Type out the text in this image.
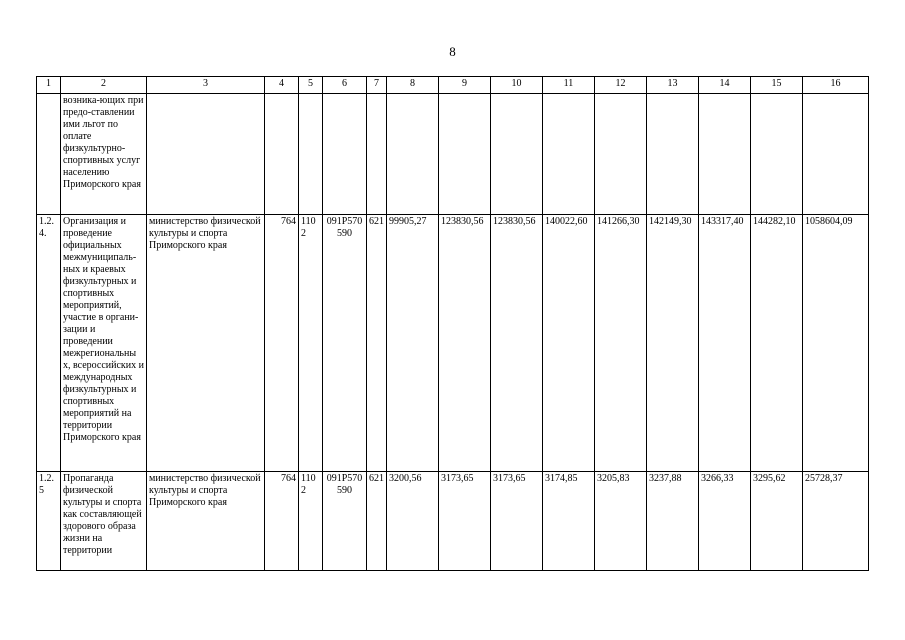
8
1	2	3	4	5	6	7	8	9	10	11	12	13	14	15	16
	возника-ющих при предо-ставлении ими льгот по оплате физкультурно-спортивных услуг населению Приморского края														
1.2.4.	Организация и проведение официальных межмуниципаль-ных и краевых физкультурных и спортивных мероприятий, участие в органи-зации и проведении межрегиональны х, всероссийских и международных физкультурных и спортивных мероприятий на территории Приморского края	министерство физической культуры и спорта Приморского края	764	1102	091Р570 590	621	99905,27	123830,56	123830,56	140022,60	141266,30	142149,30	143317,40	144282,10	1058604,09
1.2.5	Пропаганда физической культуры и спорта как составляющей здорового образа жизни на территории	министерство физической культуры и спорта Приморского края	764	1102	091Р570 590	621	3200,56	3173,65	3173,65	3174,85	3205,83	3237,88	3266,33	3295,62	25728,37
